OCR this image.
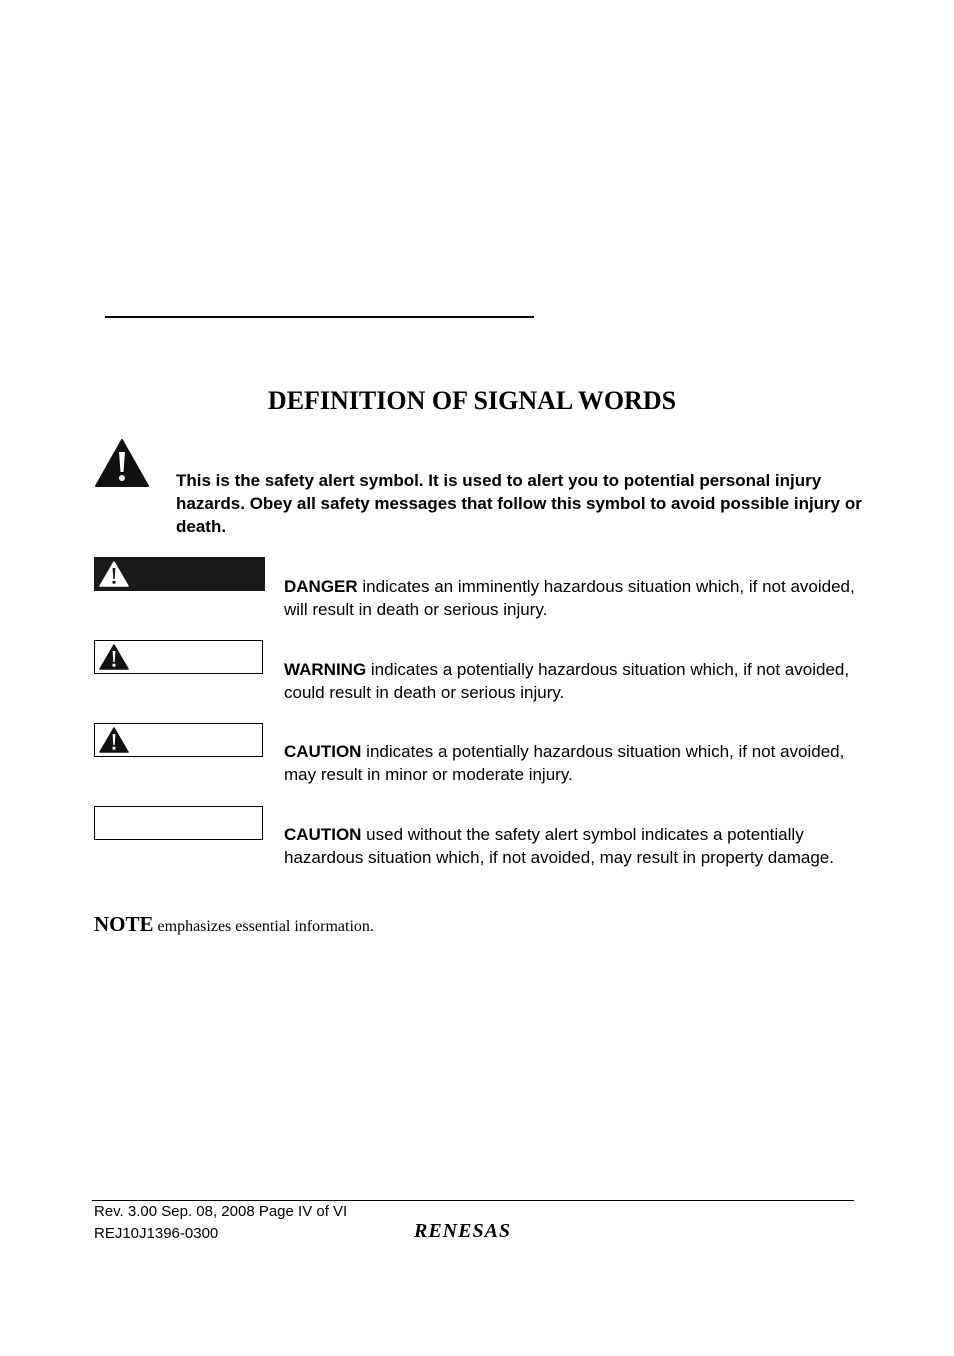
DEFINITION OF SIGNAL WORDS
This is the safety alert symbol. It is used to alert you to potential personal injury hazards. Obey all safety messages that follow this symbol to avoid possible injury or death.
DANGER indicates an imminently hazardous situation which, if not avoided, will result in death or serious injury.
WARNING indicates a potentially hazardous situation which, if not avoided, could result in death or serious injury.
CAUTION indicates a potentially hazardous situation which, if not avoided, may result in minor or moderate injury.
CAUTION used without the safety alert symbol indicates a potentially hazardous situation which, if not avoided, may result in property damage.
NOTE emphasizes essential information.
Rev. 3.00 Sep. 08, 2008 Page IV of VI
REJ10J1396-0300	RENESAS
